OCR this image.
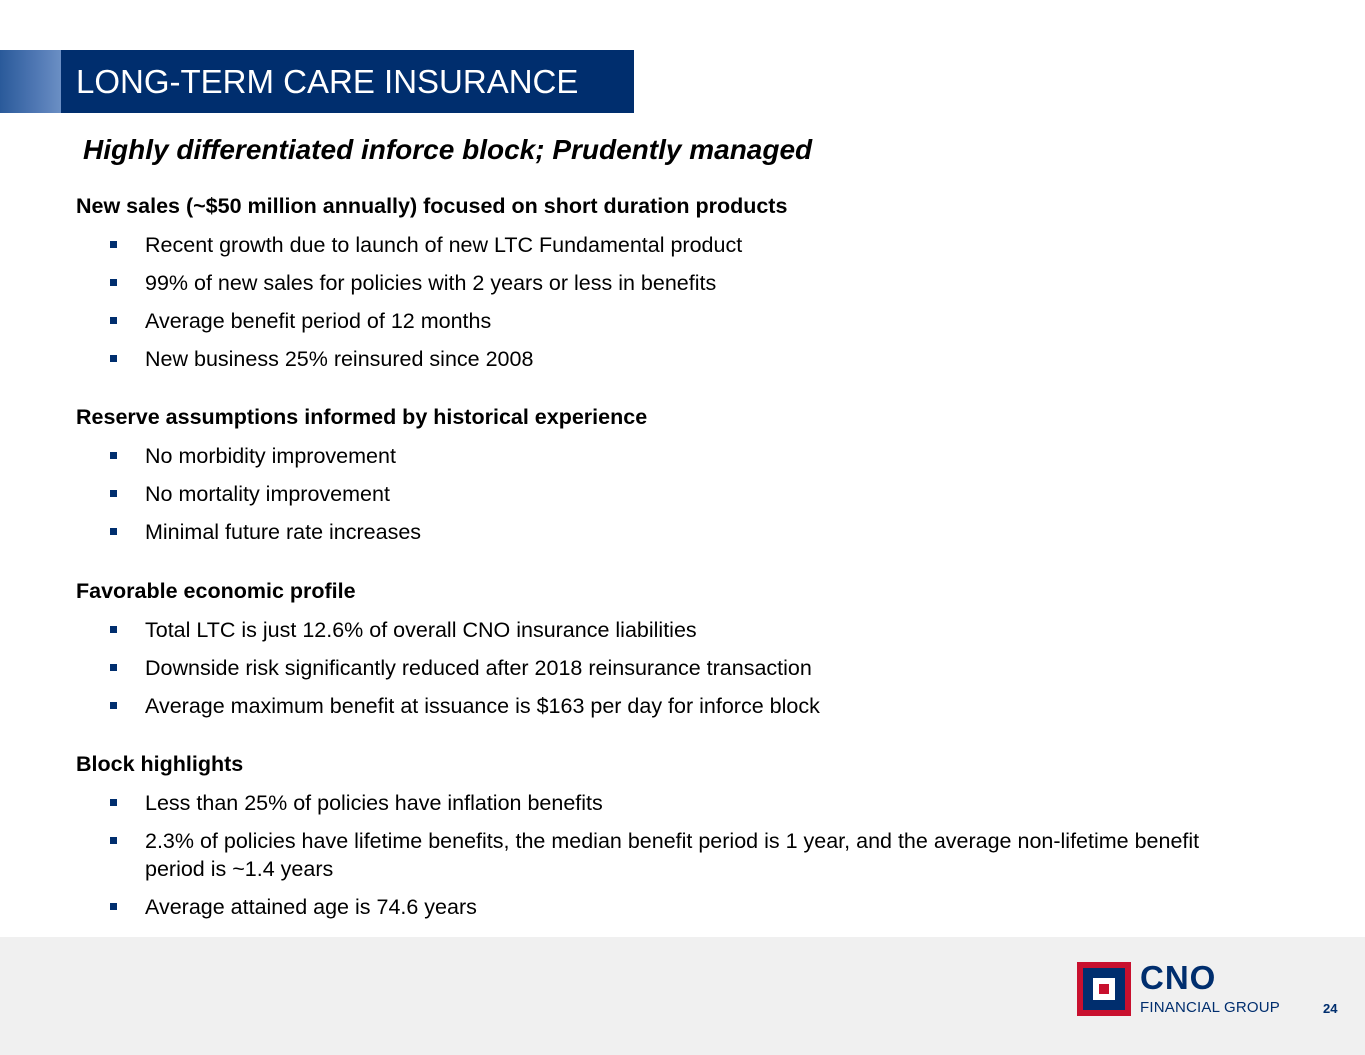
LONG-TERM CARE INSURANCE
Highly differentiated inforce block; Prudently managed
New sales (~$50 million annually) focused on short duration products
Recent growth due to launch of new LTC Fundamental product
99% of new sales for policies with 2 years or less in benefits
Average benefit period of 12 months
New business 25% reinsured since 2008
Reserve assumptions informed by historical experience
No morbidity improvement
No mortality improvement
Minimal future rate increases
Favorable economic profile
Total LTC is just 12.6% of overall CNO insurance liabilities
Downside risk significantly reduced after 2018 reinsurance transaction
Average maximum benefit at issuance is $163 per day for inforce block
Block highlights
Less than 25% of policies have inflation benefits
2.3% of policies have lifetime benefits, the median benefit period is 1 year, and the average non-lifetime benefit period is ~1.4 years
Average attained age is 74.6 years
CNO
FINANCIAL GROUP	24
